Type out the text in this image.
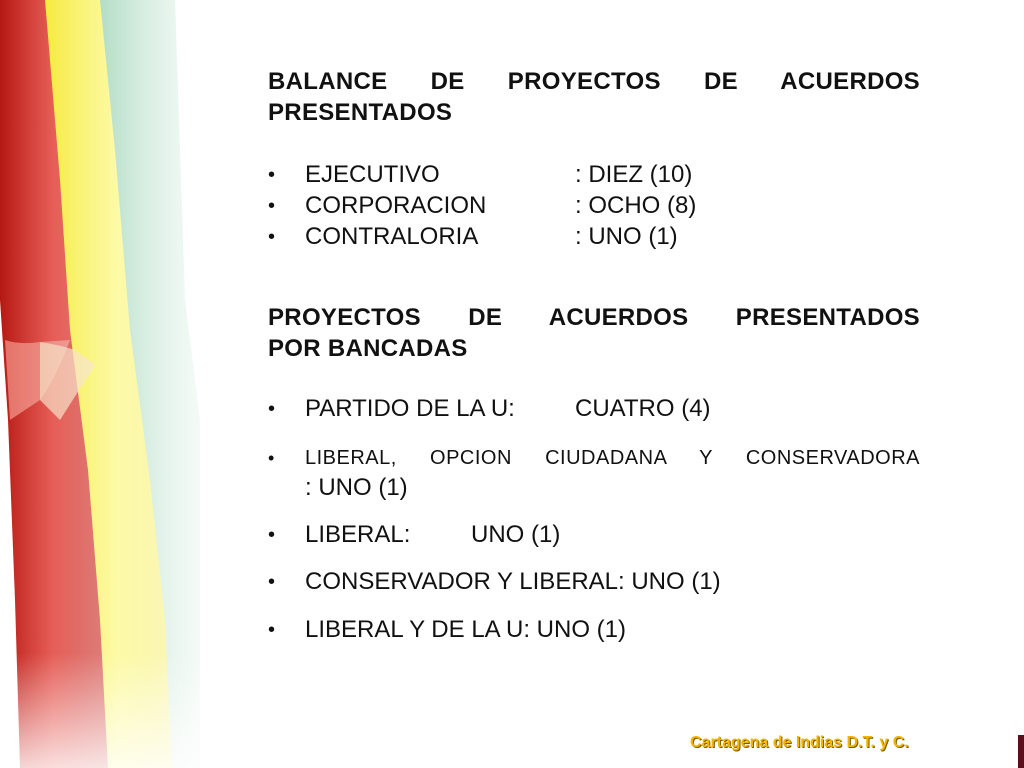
BALANCE DE PROYECTOS DE ACUERDOS
PRESENTADOS
•	EJECUTIVO	: DIEZ (10)
•	CORPORACION	: OCHO (8)
•	CONTRALORIA	: UNO (1)
PROYECTOS DE ACUERDOS PRESENTADOS
POR BANCADAS
•	PARTIDO DE LA U:	CUATRO (4)
• LIBERAL, OPCION CIUDADANA Y CONSERVADORA
: UNO (1)
•	LIBERAL:	UNO (1)
•	CONSERVADOR Y LIBERAL: UNO (1)
•	LIBERAL Y DE LA U: UNO (1)
Cartagena de Indias D.T. y C.
